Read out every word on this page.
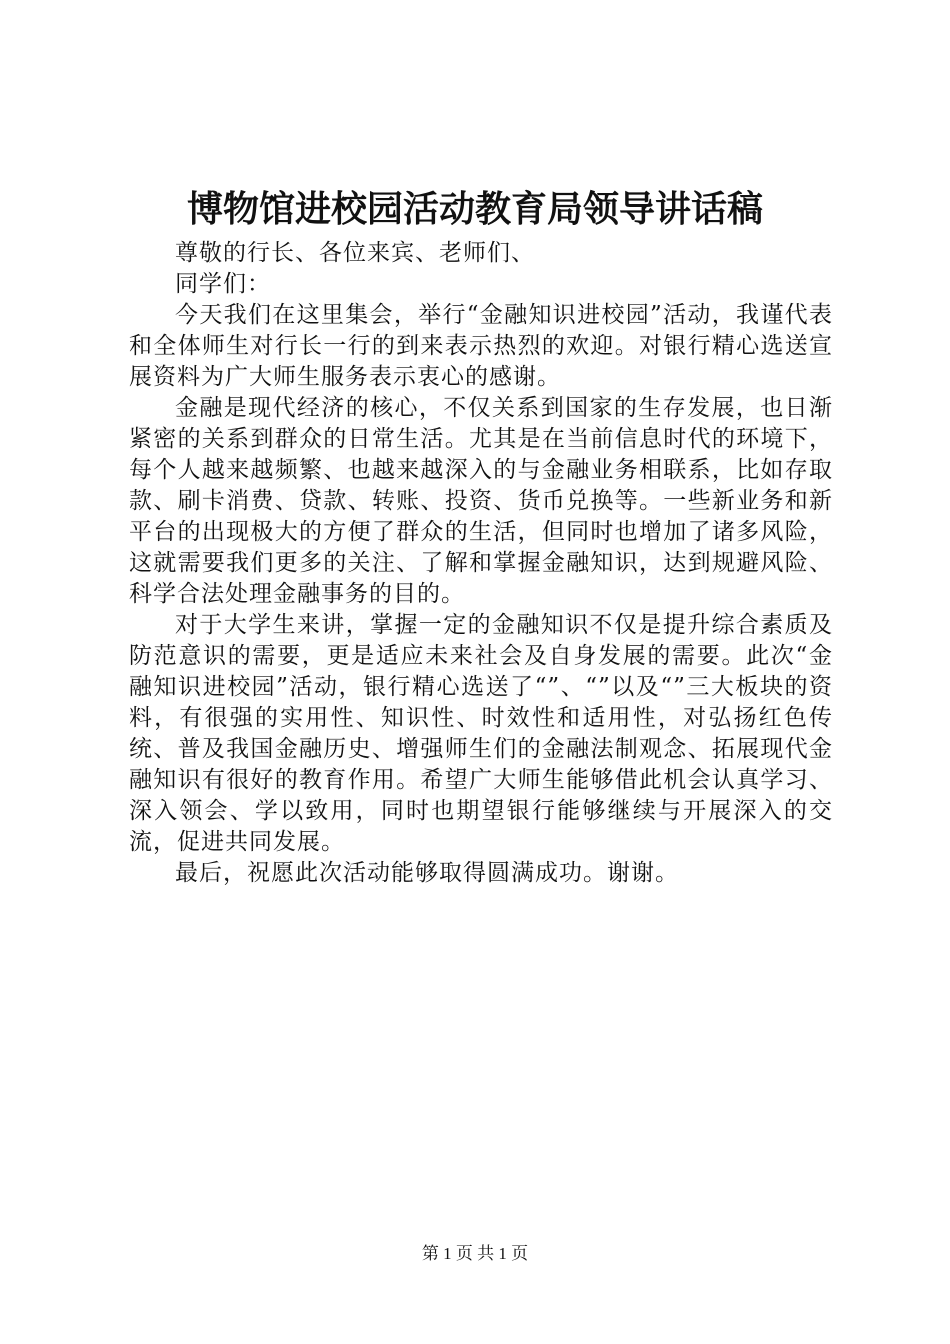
博物馆进校园活动教育局领导讲话稿

尊敬的行长、各位来宾、老师们、

同学们：

今天我们在这里集会，举行“金融知识进校园”活动，我谨代表和全体师生对行长一行的到来表示热烈的欢迎。对银行精心选送宣展资料为广大师生服务表示衷心的感谢。

金融是现代经济的核心，不仅关系到国家的生存发展，也日渐紧密的关系到群众的日常生活。尤其是在当前信息时代的环境下，每个人越来越频繁、也越来越深入的与金融业务相联系，比如存取款、刷卡消费、贷款、转账、投资、货币兑换等。一些新业务和新平台的出现极大的方便了群众的生活，但同时也增加了诸多风险，这就需要我们更多的关注、了解和掌握金融知识，达到规避风险、科学合法处理金融事务的目的。

对于大学生来讲，掌握一定的金融知识不仅是提升综合素质及防范意识的需要，更是适应未来社会及自身发展的需要。此次“金融知识进校园”活动，银行精心选送了“”、“”以及“”三大板块的资料，有很强的实用性、知识性、时效性和适用性，对弘扬红色传统、普及我国金融历史、增强师生们的金融法制观念、拓展现代金融知识有很好的教育作用。希望广大师生能够借此机会认真学习、深入领会、学以致用，同时也期望银行能够继续与开展深入的交流，促进共同发展。

最后，祝愿此次活动能够取得圆满成功。谢谢。

第 1 页 共 1 页
